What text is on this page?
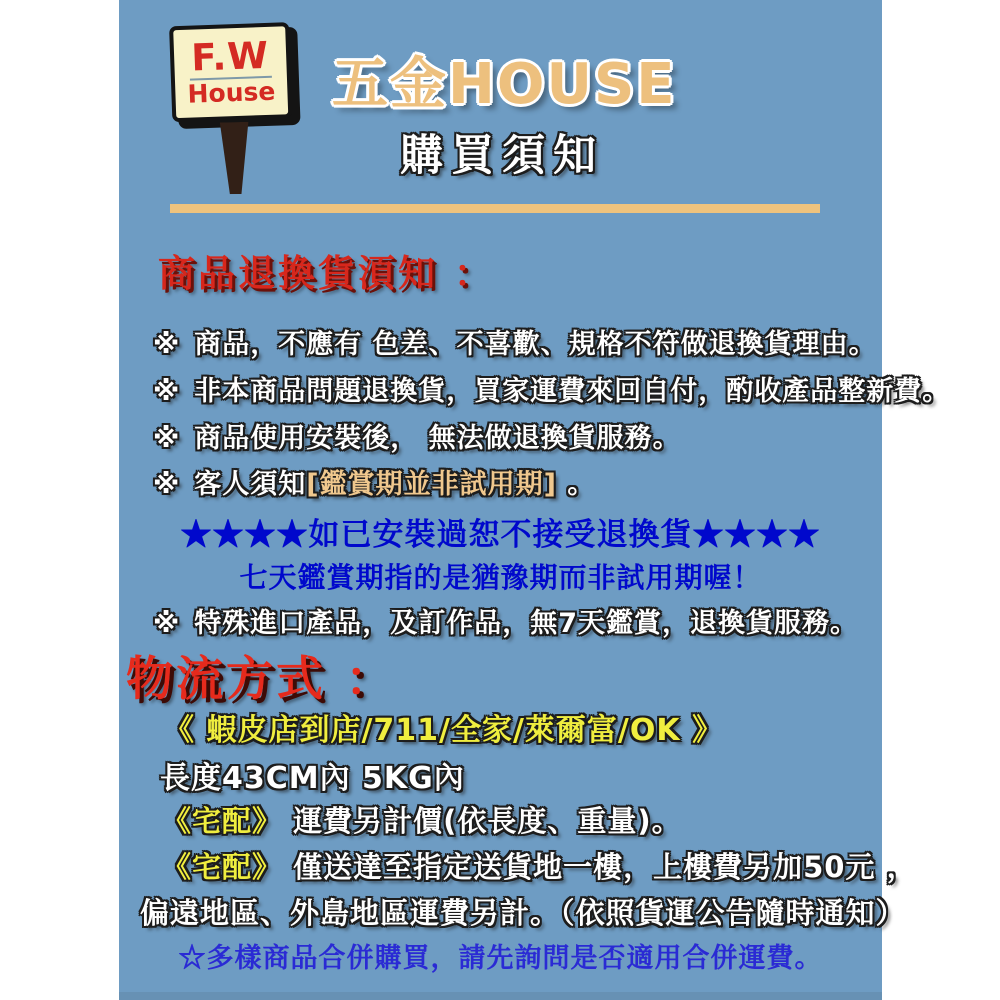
F.W
House 五金HOUSE
購買須知
商品退換貨湏知 ：
※ 商品，不應有 色差、不喜歡、規格不符做退換貨理由。
※ 非本商品問題退換貨，買家運費來回自付，酌收產品整新費。
※ 商品使用安裝後， 無法做退換貨服務。
※ 客人須知[鑑賞期並非試用期] 。
★★★★如已安裝過恕不接受退換貨★★★★
七天鑑賞期指的是猶豫期而非試用期喔！
※ 特殊進口產品，及訂作品，無7天鑑賞，退換貨服務。
物流方式 ：
《 蝦皮店到店/711/全家/萊爾富/OK 》
長度43CM內 5KG內
《宅配》 運費另計價(依長度、重量)。
《宅配》 僅送達至指定送貨地一樓，上樓費另加50元 ，
偏遠地區、外島地區運費另計。（依照貨運公告隨時通知）
☆多樣商品合併購買，請先詢問是否適用合併運費。
